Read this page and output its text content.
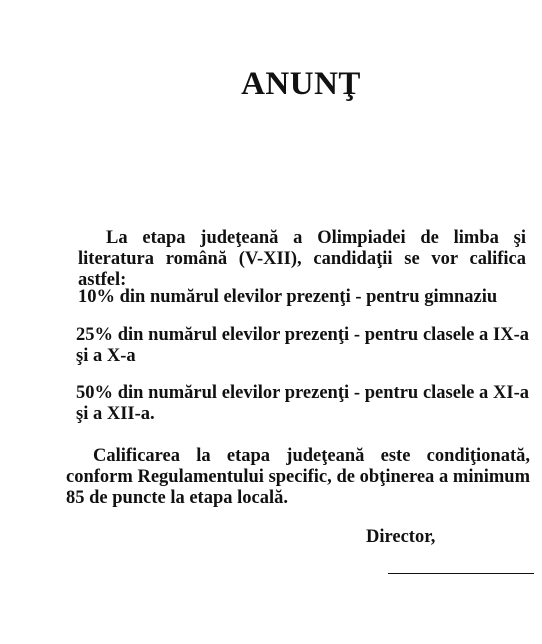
ANUNŢ

La etapa judeţeană a Olimpiadei de limba şi literatura română (V-XII), candidaţii se vor califica astfel:

10% din numărul elevilor prezenţi - pentru gimnaziu

25% din numărul elevilor prezenţi - pentru clasele a IX-a şi a X-a

50% din numărul elevilor prezenţi - pentru clasele a XI-a şi a XII-a.

Calificarea la etapa judeţeană este condiţionată, conform Regulamentului specific, de obţinerea a minimum 85 de puncte la etapa locală.

Director,
